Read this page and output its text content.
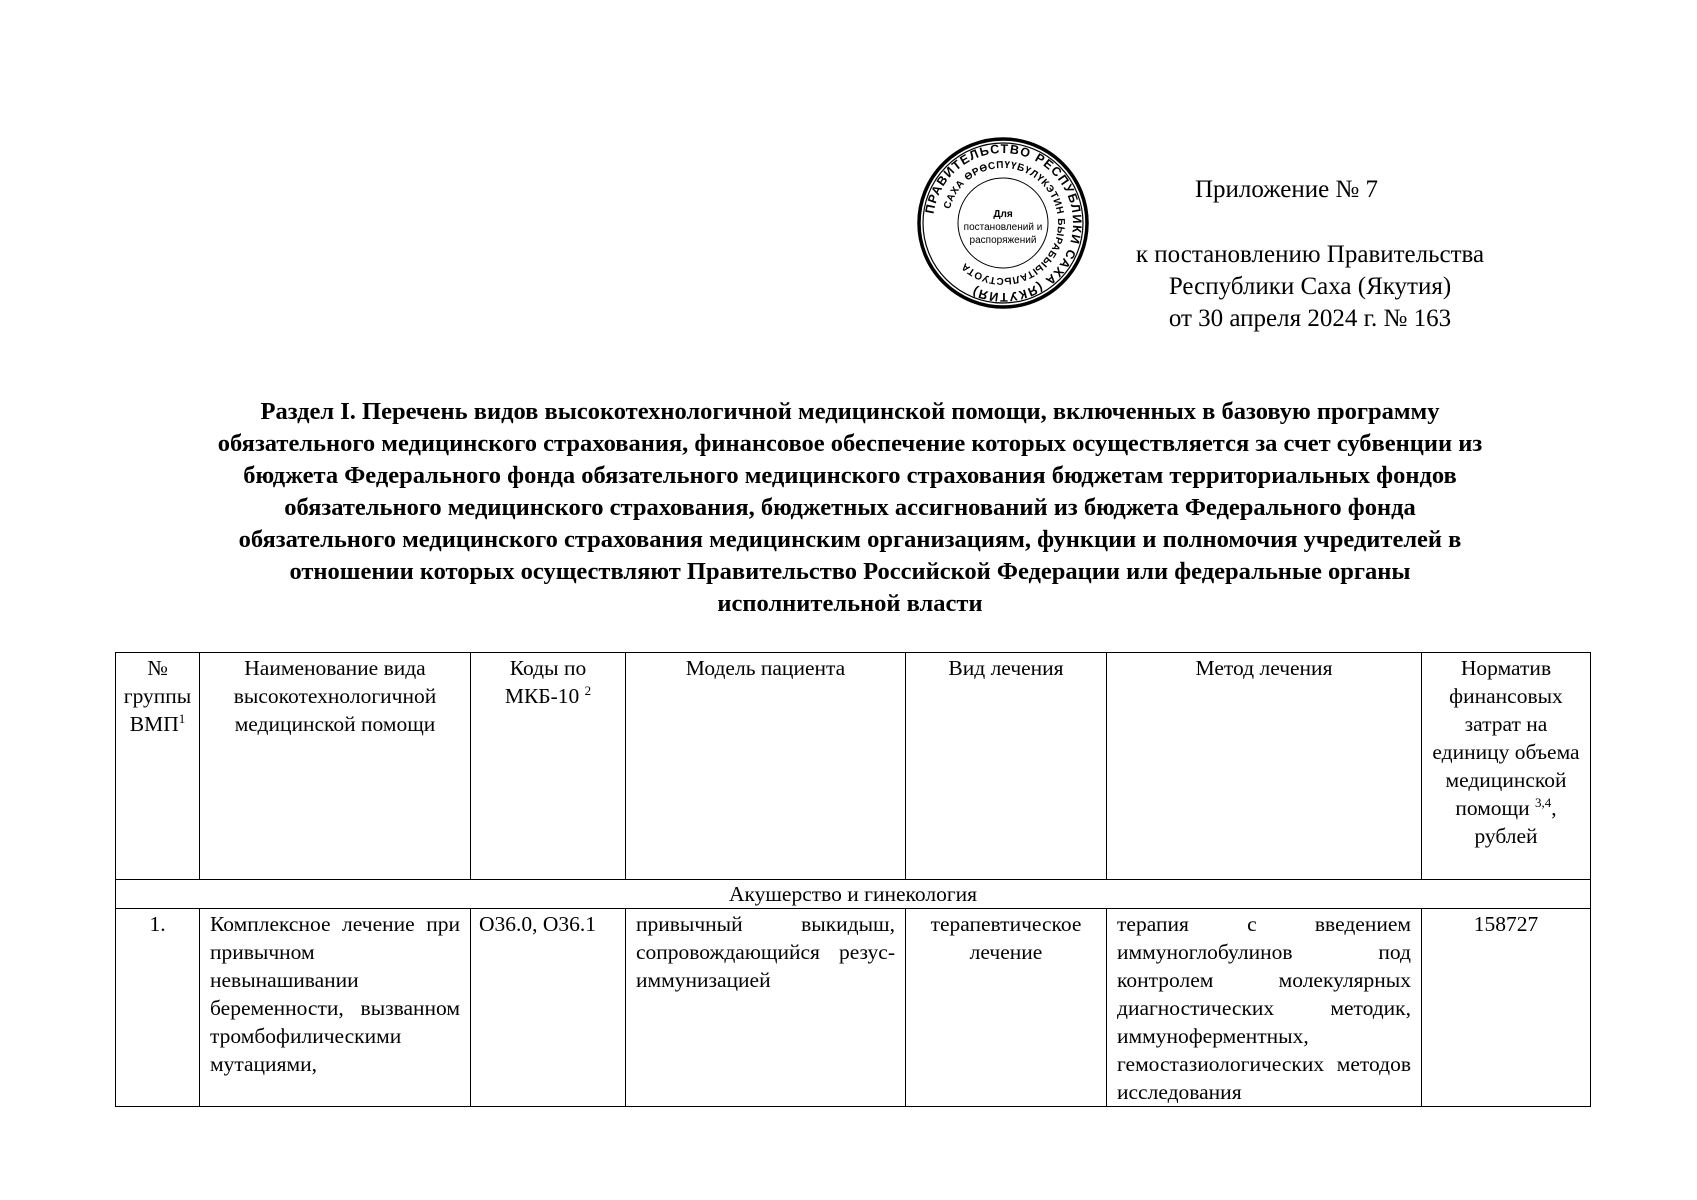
ПРАВИТЕЛЬСТВО РЕСПУБЛИКИ САХА (ЯКУТИЯ)
САХА ӨРӨСПҮҮБҮЛҮКЭТИН БЫРАБЫЫТАЛЬСТУОТА
Для
постановлений и
распоряжений
Приложение № 7
к постановлению Правительства
Республики Саха (Якутия)
от 30 апреля 2024 г. № 163
Раздел I. Перечень видов высокотехнологичной медицинской помощи, включенных в базовую программу
обязательного медицинского страхования, финансовое обеспечение которых осуществляется за счет субвенции из
бюджета Федерального фонда обязательного медицинского страхования бюджетам территориальных фондов
обязательного медицинского страхования, бюджетных ассигнований из бюджета Федерального фонда
обязательного медицинского страхования медицинским организациям, функции и полномочия учредителей в
отношении которых осуществляют Правительство Российской Федерации или федеральные органы
исполнительной власти
№ группы ВМП$^1$	Наименование вида высокотехнологичной медицинской помощи	Коды по МКБ-10 $^2$	Модель пациента	Вид лечения	Метод лечения	Норматив финансовых затрат на единицу объема медицинской помощи $^{3,4}$, рублей
Акушерство и гинекология						
1.	Комплексное лечение при привычном невынашивании беременности, вызванном тромбофилическими мутациями,	O36.0, O36.1	привычный выкидыш, сопровождающийся резус-иммунизацией	терапевтическое лечение	терапия с введением иммуноглобулинов под контролем молекулярных диагностических методик, иммуноферментных, гемостазиологических методов исследования	158727
